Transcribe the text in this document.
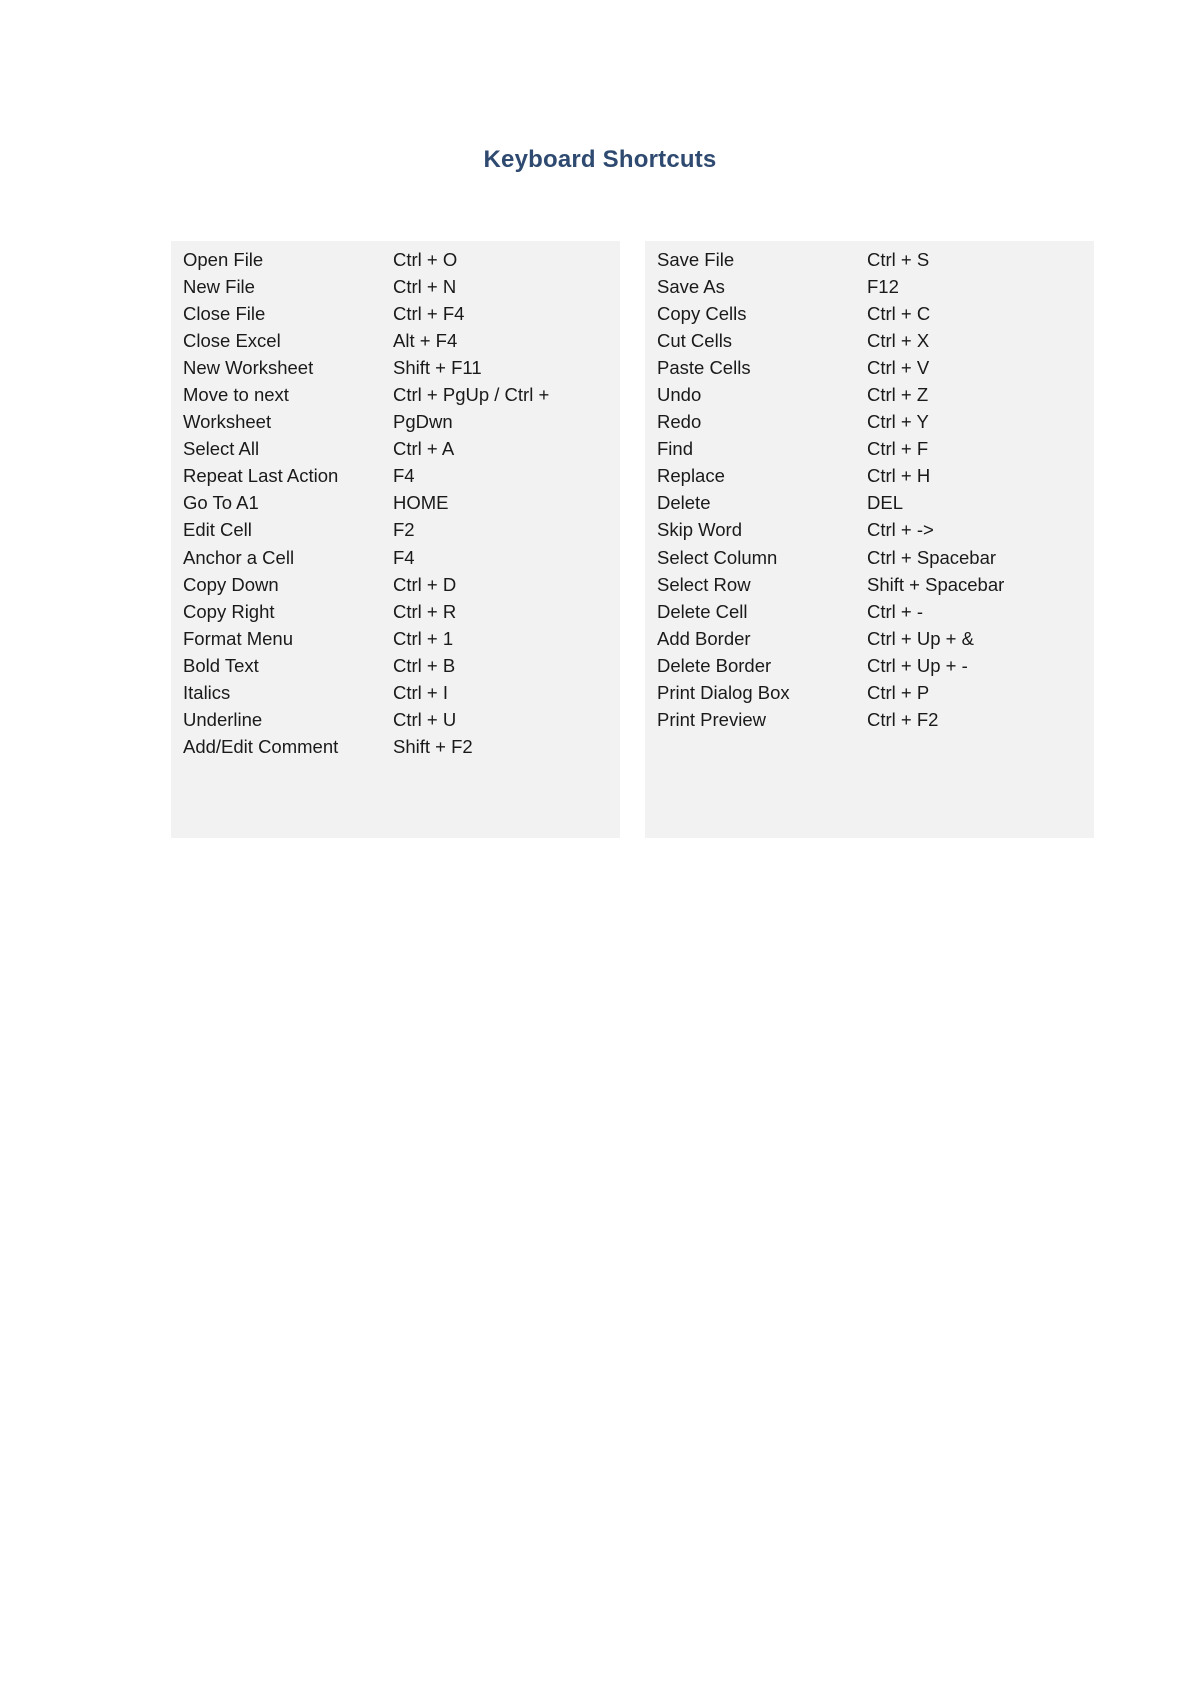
Keyboard Shortcuts
Open File	Ctrl + O
New File	Ctrl + N
Close File	Ctrl + F4
Close Excel	Alt + F4
New Worksheet	Shift + F11
Move to next	Ctrl + PgUp / Ctrl +
Worksheet	PgDwn
Select All	Ctrl + A
Repeat Last Action	F4
Go To A1	HOME
Edit Cell	F2
Anchor a Cell	F4
Copy Down	Ctrl + D
Copy Right	Ctrl + R
Format Menu	Ctrl + 1
Bold Text	Ctrl + B
Italics	Ctrl + I
Underline	Ctrl + U
Add/Edit Comment	Shift + F2
Save File	Ctrl + S
Save As	F12
Copy Cells	Ctrl + C
Cut Cells	Ctrl + X
Paste Cells	Ctrl + V
Undo	Ctrl + Z
Redo	Ctrl + Y
Find	Ctrl + F
Replace	Ctrl + H
Delete	DEL
Skip Word	Ctrl + ->
Select Column	Ctrl + Spacebar
Select Row	Shift + Spacebar
Delete Cell	Ctrl + -
Add Border	Ctrl + Up + &
Delete Border	Ctrl + Up + -
Print Dialog Box	Ctrl + P
Print Preview	Ctrl + F2
